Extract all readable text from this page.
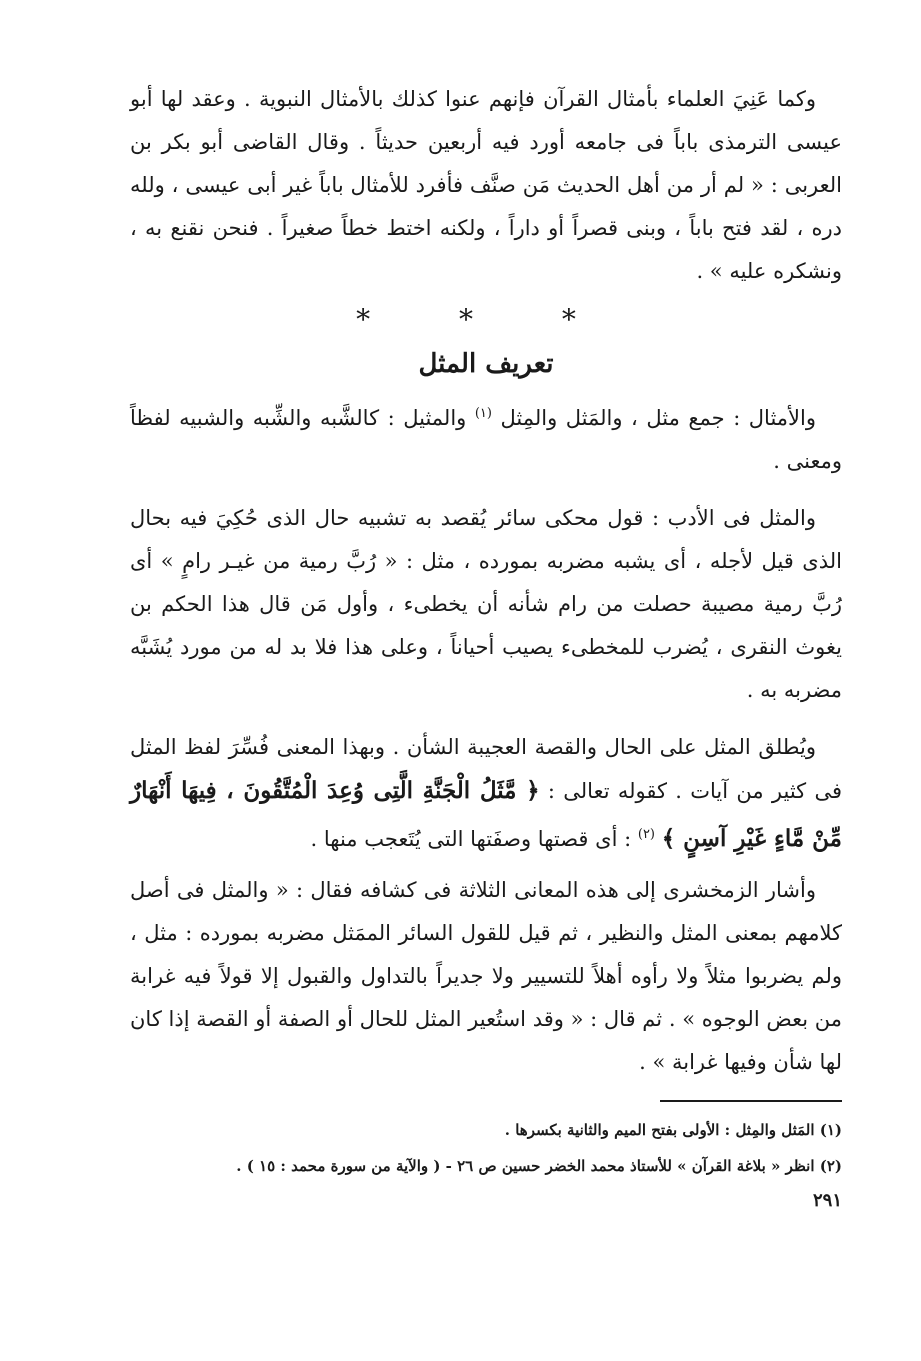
وكما عَنِيَ العلماء بأمثال القرآن فإنهم عنوا كذلك بالأمثال النبوية . وعقد لها أبو عيسى الترمذى باباً فى جامعه أورد فيه أربعين حديثاً . وقال القاضى أبو بكر بن العربى : « لم أر من أهل الحديث مَن صنَّف فأفرد للأمثال باباً غير أبى عيسى ، ولله دره ، لقد فتح باباً ، وبنى قصراً أو داراً ، ولكنه اختط خطاً صغيراً . فنحن نقنع به ، ونشكره عليه » .

* * *
تعريف المثل

والأمثال : جمع مثل ، والمَثل والمِثل $^{(١)}$ والمثيل : كالشَّبه والشِّبه والشبيه لفظاً ومعنى .

والمثل فى الأدب : قول محكى سائر يُقصد به تشبيه حال الذى حُكِيَ فيه بحال الذى قيل لأجله ، أى يشبه مضربه بمورده ، مثل : « رُبَّ رمية من غيـر رامٍ » أى رُبَّ رمية مصيبة حصلت من رام شأنه أن يخطىء ، وأول مَن قال هذا الحكم بن يغوث النقرى ، يُضرب للمخطىء يصيب أحياناً ، وعلى هذا فلا بد له من مورد يُشَبَّه مضربه به .

ويُطلق المثل على الحال والقصة العجيبة الشأن . وبهذا المعنى فُسِّرَ لفظ المثل فى كثير من آيات . كقوله تعالى : ﴿ مَّثَلُ الْجَنَّةِ الَّتِى وُعِدَ الْمُتَّقُونَ ، فِيهَا أَنْهَارٌ مِّنْ مَّاءٍ غَيْرِ آسِنٍ ﴾ $^{(٢)}$ : أى قصتها وصفَتها التى يُتَعجب منها .

وأشار الزمخشرى إلى هذه المعانى الثلاثة فى كشافه فقال : « والمثل فى أصل كلامهم بمعنى المثل والنظير ، ثم قيل للقول السائر الممَثل مضربه بمورده : مثل ، ولم يضربوا مثلاً ولا رأوه أهلاً للتسيير ولا جديراً بالتداول والقبول إلا قولاً فيه غرابة من بعض الوجوه » . ثم قال : « وقد استُعير المثل للحال أو الصفة أو القصة إذا كان لها شأن وفيها غرابة » .

(١) المَثل والمِثل : الأولى بفتح الميم والثانية بكسرها .

(٢) انظر « بلاغة القرآن » للأستاذ محمد الخضر حسين ص ٢٦ - ( والآية من سورة محمد : ١٥ ) .

٢٩١
